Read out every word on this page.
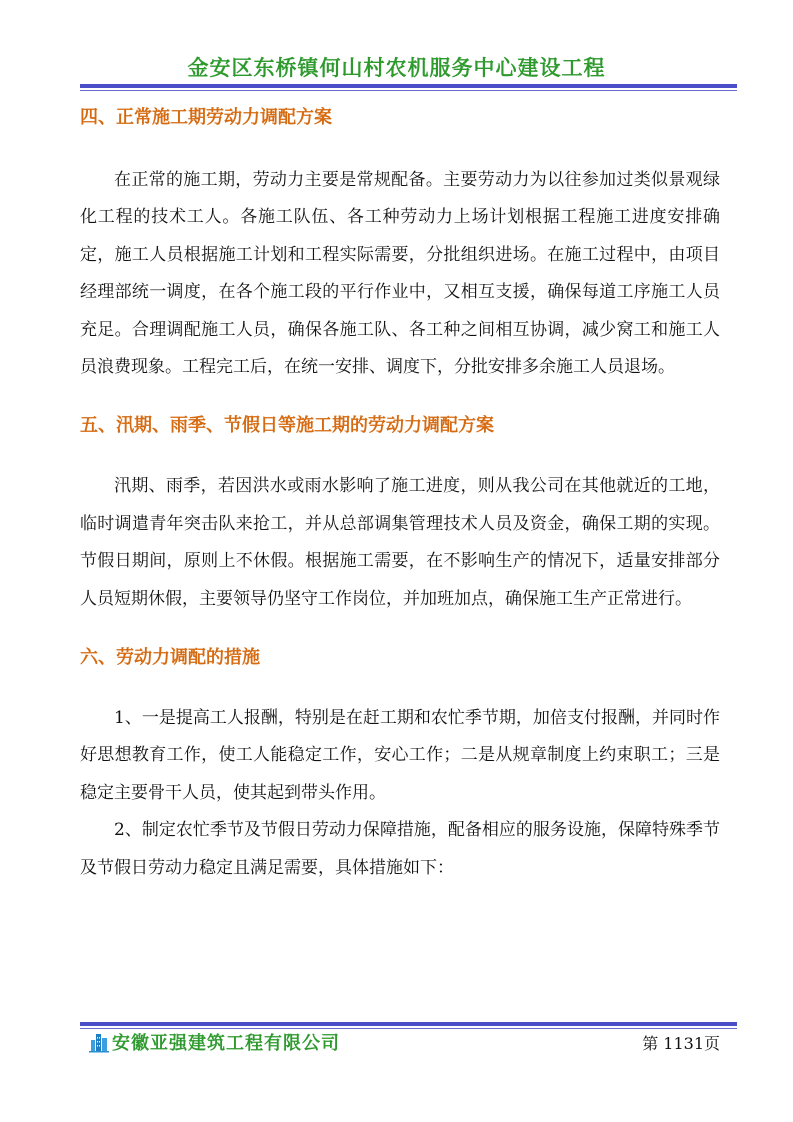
金安区东桥镇何山村农机服务中心建设工程
四、正常施工期劳动力调配方案

在正常的施工期，劳动力主要是常规配备。主要劳动力为以往参加过类似景观绿化工程的技术工人。各施工队伍、各工种劳动力上场计划根据工程施工进度安排确定，施工人员根据施工计划和工程实际需要，分批组织进场。在施工过程中，由项目经理部统一调度，在各个施工段的平行作业中，又相互支援，确保每道工序施工人员充足。合理调配施工人员，确保各施工队、各工种之间相互协调，减少窝工和施工人员浪费现象。工程完工后，在统一安排、调度下，分批安排多余施工人员退场。

五、汛期、雨季、节假日等施工期的劳动力调配方案

汛期、雨季，若因洪水或雨水影响了施工进度，则从我公司在其他就近的工地，临时调遣青年突击队来抢工，并从总部调集管理技术人员及资金，确保工期的实现。节假日期间，原则上不休假。根据施工需要，在不影响生产的情况下，适量安排部分人员短期休假，主要领导仍坚守工作岗位，并加班加点，确保施工生产正常进行。

六、劳动力调配的措施

1、一是提高工人报酬，特别是在赶工期和农忙季节期，加倍支付报酬，并同时作好思想教育工作，使工人能稳定工作，安心工作；二是从规章制度上约束职工；三是稳定主要骨干人员，使其起到带头作用。

2、制定农忙季节及节假日劳动力保障措施，配备相应的服务设施，保障特殊季节及节假日劳动力稳定且满足需要，具体措施如下：

安徽亚强建筑工程有限公司	第 1131页
